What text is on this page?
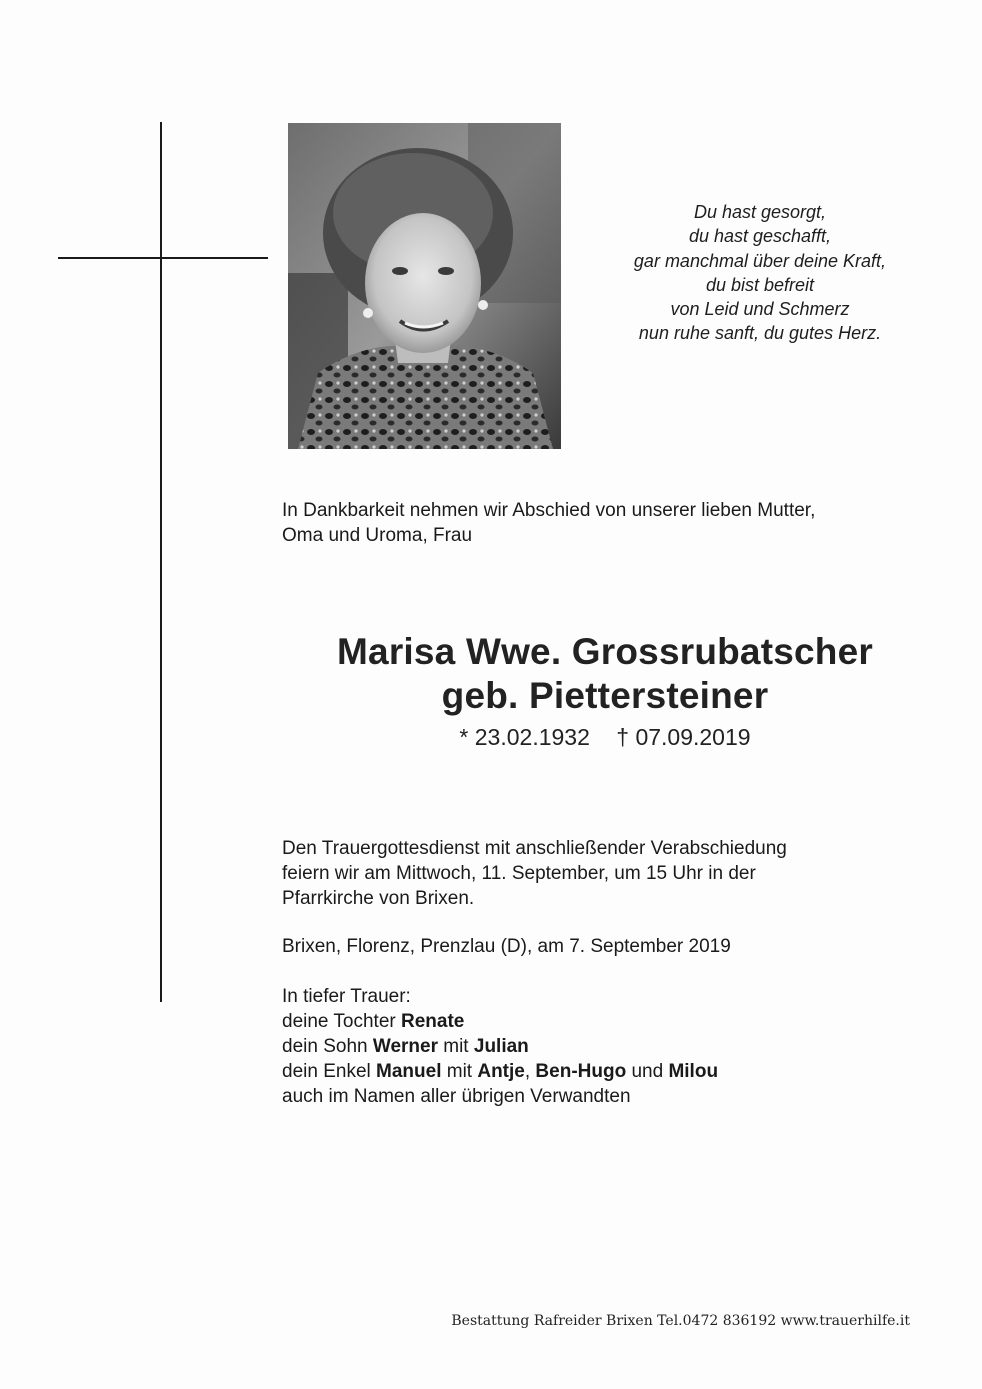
Du hast gesorgt,
du hast geschafft,
gar manchmal über deine Kraft,
du bist befreit
von Leid und Schmerz
nun ruhe sanft, du gutes Herz.
In Dankbarkeit nehmen wir Abschied von unserer lieben Mutter,
Oma und Uroma, Frau
Marisa Wwe. Grossrubatscher
geb. Piettersteiner
* 23.02.1932 † 07.09.2019
Den Trauergottesdienst mit anschließender Verabschiedung
feiern wir am Mittwoch, 11. September, um 15 Uhr in der
Pfarrkirche von Brixen.
Brixen, Florenz, Prenzlau (D), am 7. September 2019
In tiefer Trauer:
deine Tochter Renate
dein Sohn Werner mit Julian
dein Enkel Manuel mit Antje, Ben-Hugo und Milou
auch im Namen aller übrigen Verwandten
Bestattung Rafreider Brixen Tel.0472 836192 www.trauerhilfe.it
